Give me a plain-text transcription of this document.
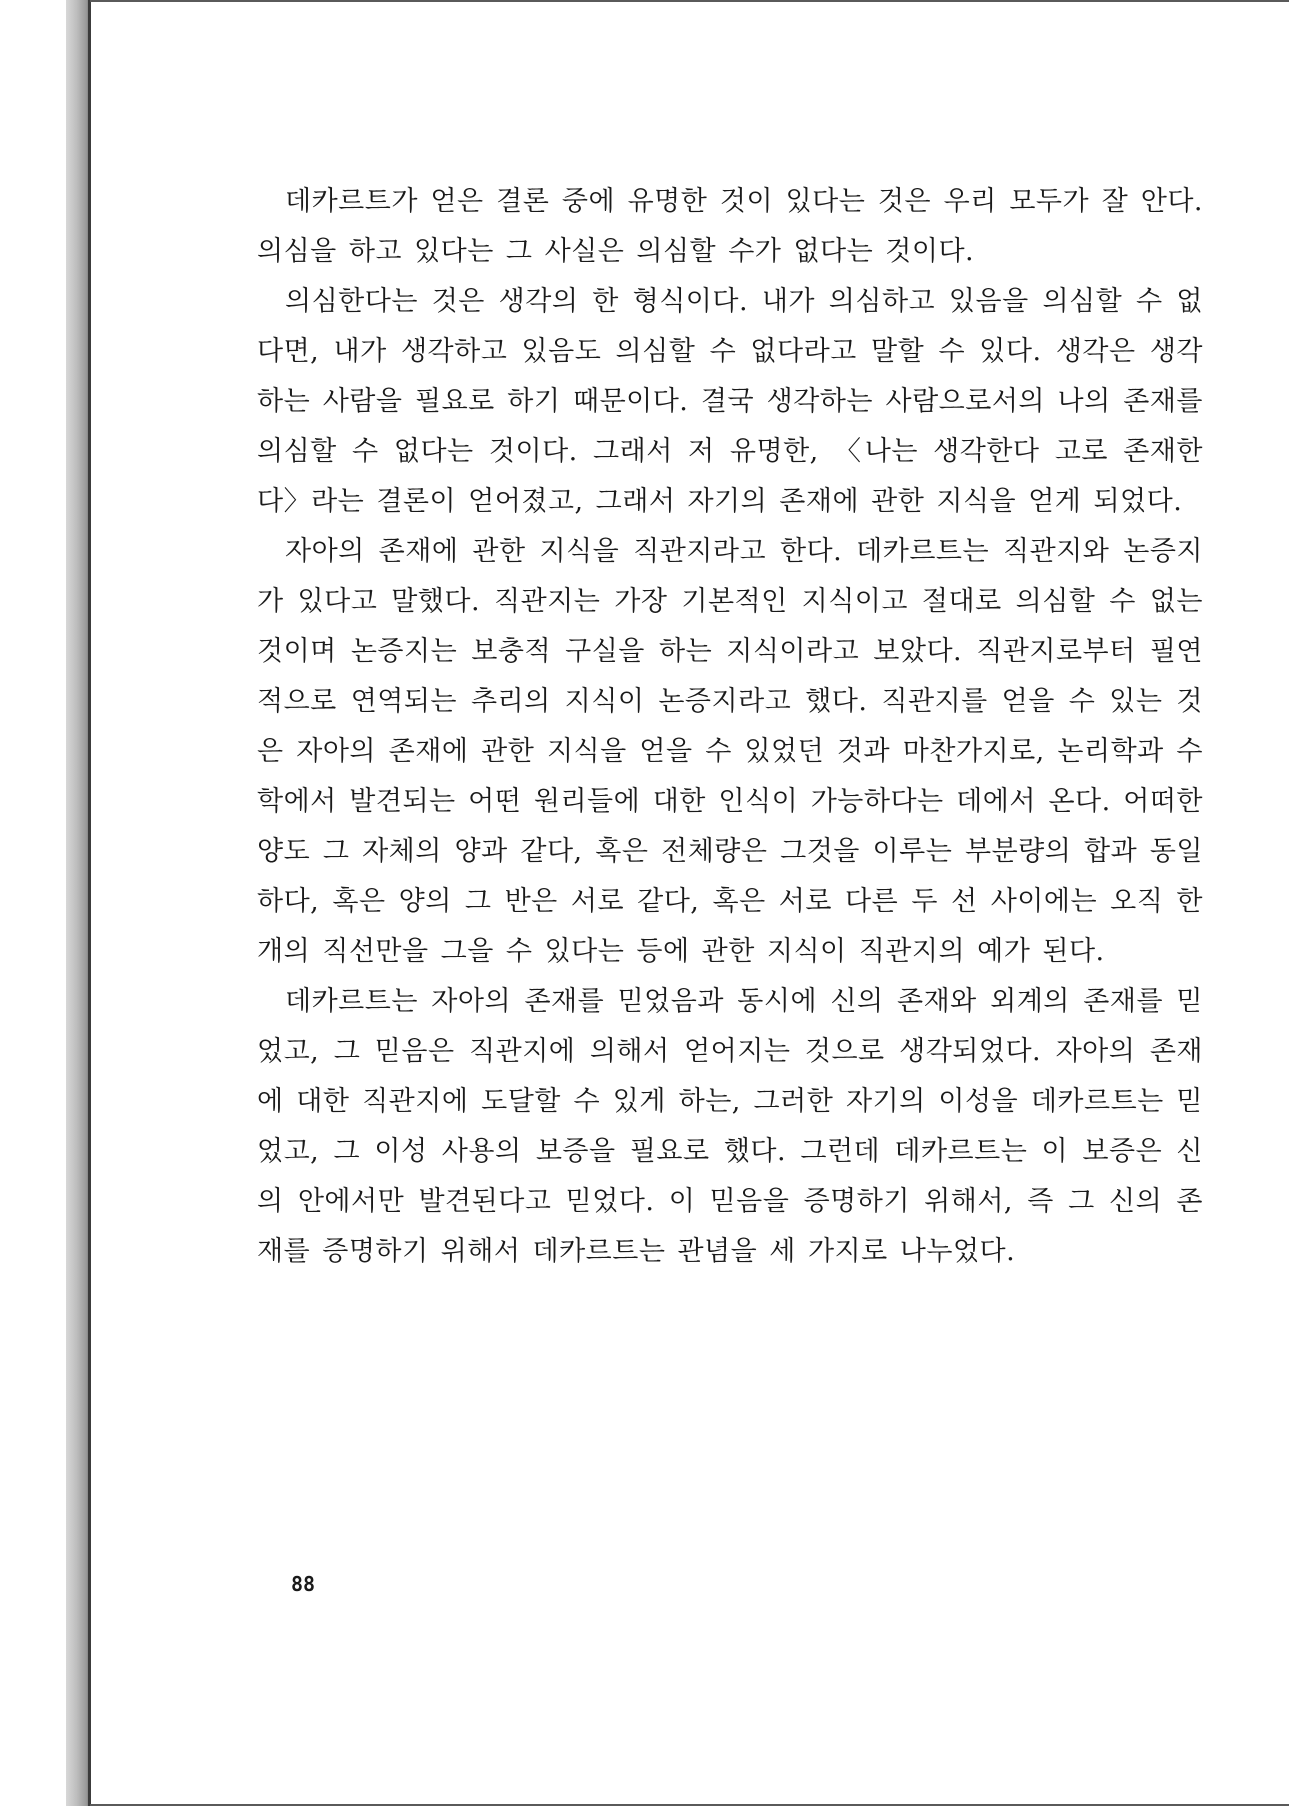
데카르트가 얻은 결론 중에 유명한 것이 있다는 것은 우리 모두가 잘 안다. 의심을 하고 있다는 그 사실은 의심할 수가 없다는 것이다.

의심한다는 것은 생각의 한 형식이다. 내가 의심하고 있음을 의심할 수 없다면, 내가 생각하고 있음도 의심할 수 없다라고 말할 수 있다. 생각은 생각하는 사람을 필요로 하기 때문이다. 결국 생각하는 사람으로서의 나의 존재를 의심할 수 없다는 것이다. 그래서 저 유명한, 〈나는 생각한다 고로 존재한다〉라는 결론이 얻어졌고, 그래서 자기의 존재에 관한 지식을 얻게 되었다.

자아의 존재에 관한 지식을 직관지라고 한다. 데카르트는 직관지와 논증지가 있다고 말했다. 직관지는 가장 기본적인 지식이고 절대로 의심할 수 없는 것이며 논증지는 보충적 구실을 하는 지식이라고 보았다. 직관지로부터 필연적으로 연역되는 추리의 지식이 논증지라고 했다. 직관지를 얻을 수 있는 것은 자아의 존재에 관한 지식을 얻을 수 있었던 것과 마찬가지로, 논리학과 수학에서 발견되는 어떤 원리들에 대한 인식이 가능하다는 데에서 온다. 어떠한 양도 그 자체의 양과 같다, 혹은 전체량은 그것을 이루는 부분량의 합과 동일하다, 혹은 양의 그 반은 서로 같다, 혹은 서로 다른 두 선 사이에는 오직 한 개의 직선만을 그을 수 있다는 등에 관한 지식이 직관지의 예가 된다.

데카르트는 자아의 존재를 믿었음과 동시에 신의 존재와 외계의 존재를 믿었고, 그 믿음은 직관지에 의해서 얻어지는 것으로 생각되었다. 자아의 존재에 대한 직관지에 도달할 수 있게 하는, 그러한 자기의 이성을 데카르트는 믿었고, 그 이성 사용의 보증을 필요로 했다. 그런데 데카르트는 이 보증은 신의 안에서만 발견된다고 믿었다. 이 믿음을 증명하기 위해서, 즉 그 신의 존재를 증명하기 위해서 데카르트는 관념을 세 가지로 나누었다.

88
